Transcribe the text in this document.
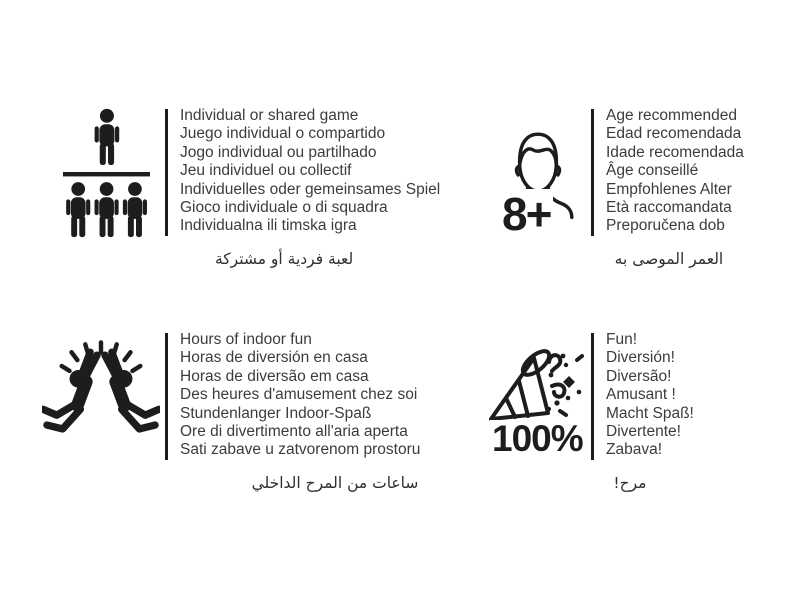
Individual or shared game
Juego individual o compartido
Jogo individual ou partilhado
Jeu individuel ou collectif
Individuelles oder gemeinsames Spiel
Gioco individuale o di squadra
Individualna ili timska igra
لعبة فردية أو مشتركة
8+
Age recommended
Edad recomendada
Idade recomendada
Âge conseillé
Empfohlenes Alter
Età raccomandata
Preporučena dob
العمر الموصى به
Hours of indoor fun
Horas de diversión en casa
Horas de diversão em casa
Des heures d'amusement chez soi
Stundenlanger Indoor-Spaß
Ore di divertimento all'aria aperta
Sati zabave u zatvorenom prostoru
ساعات من المرح الداخلي
100%
Fun!
Diversión!
Diversão!
Amusant !
Macht Spaß!
Divertente!
Zabava!
مرح!
